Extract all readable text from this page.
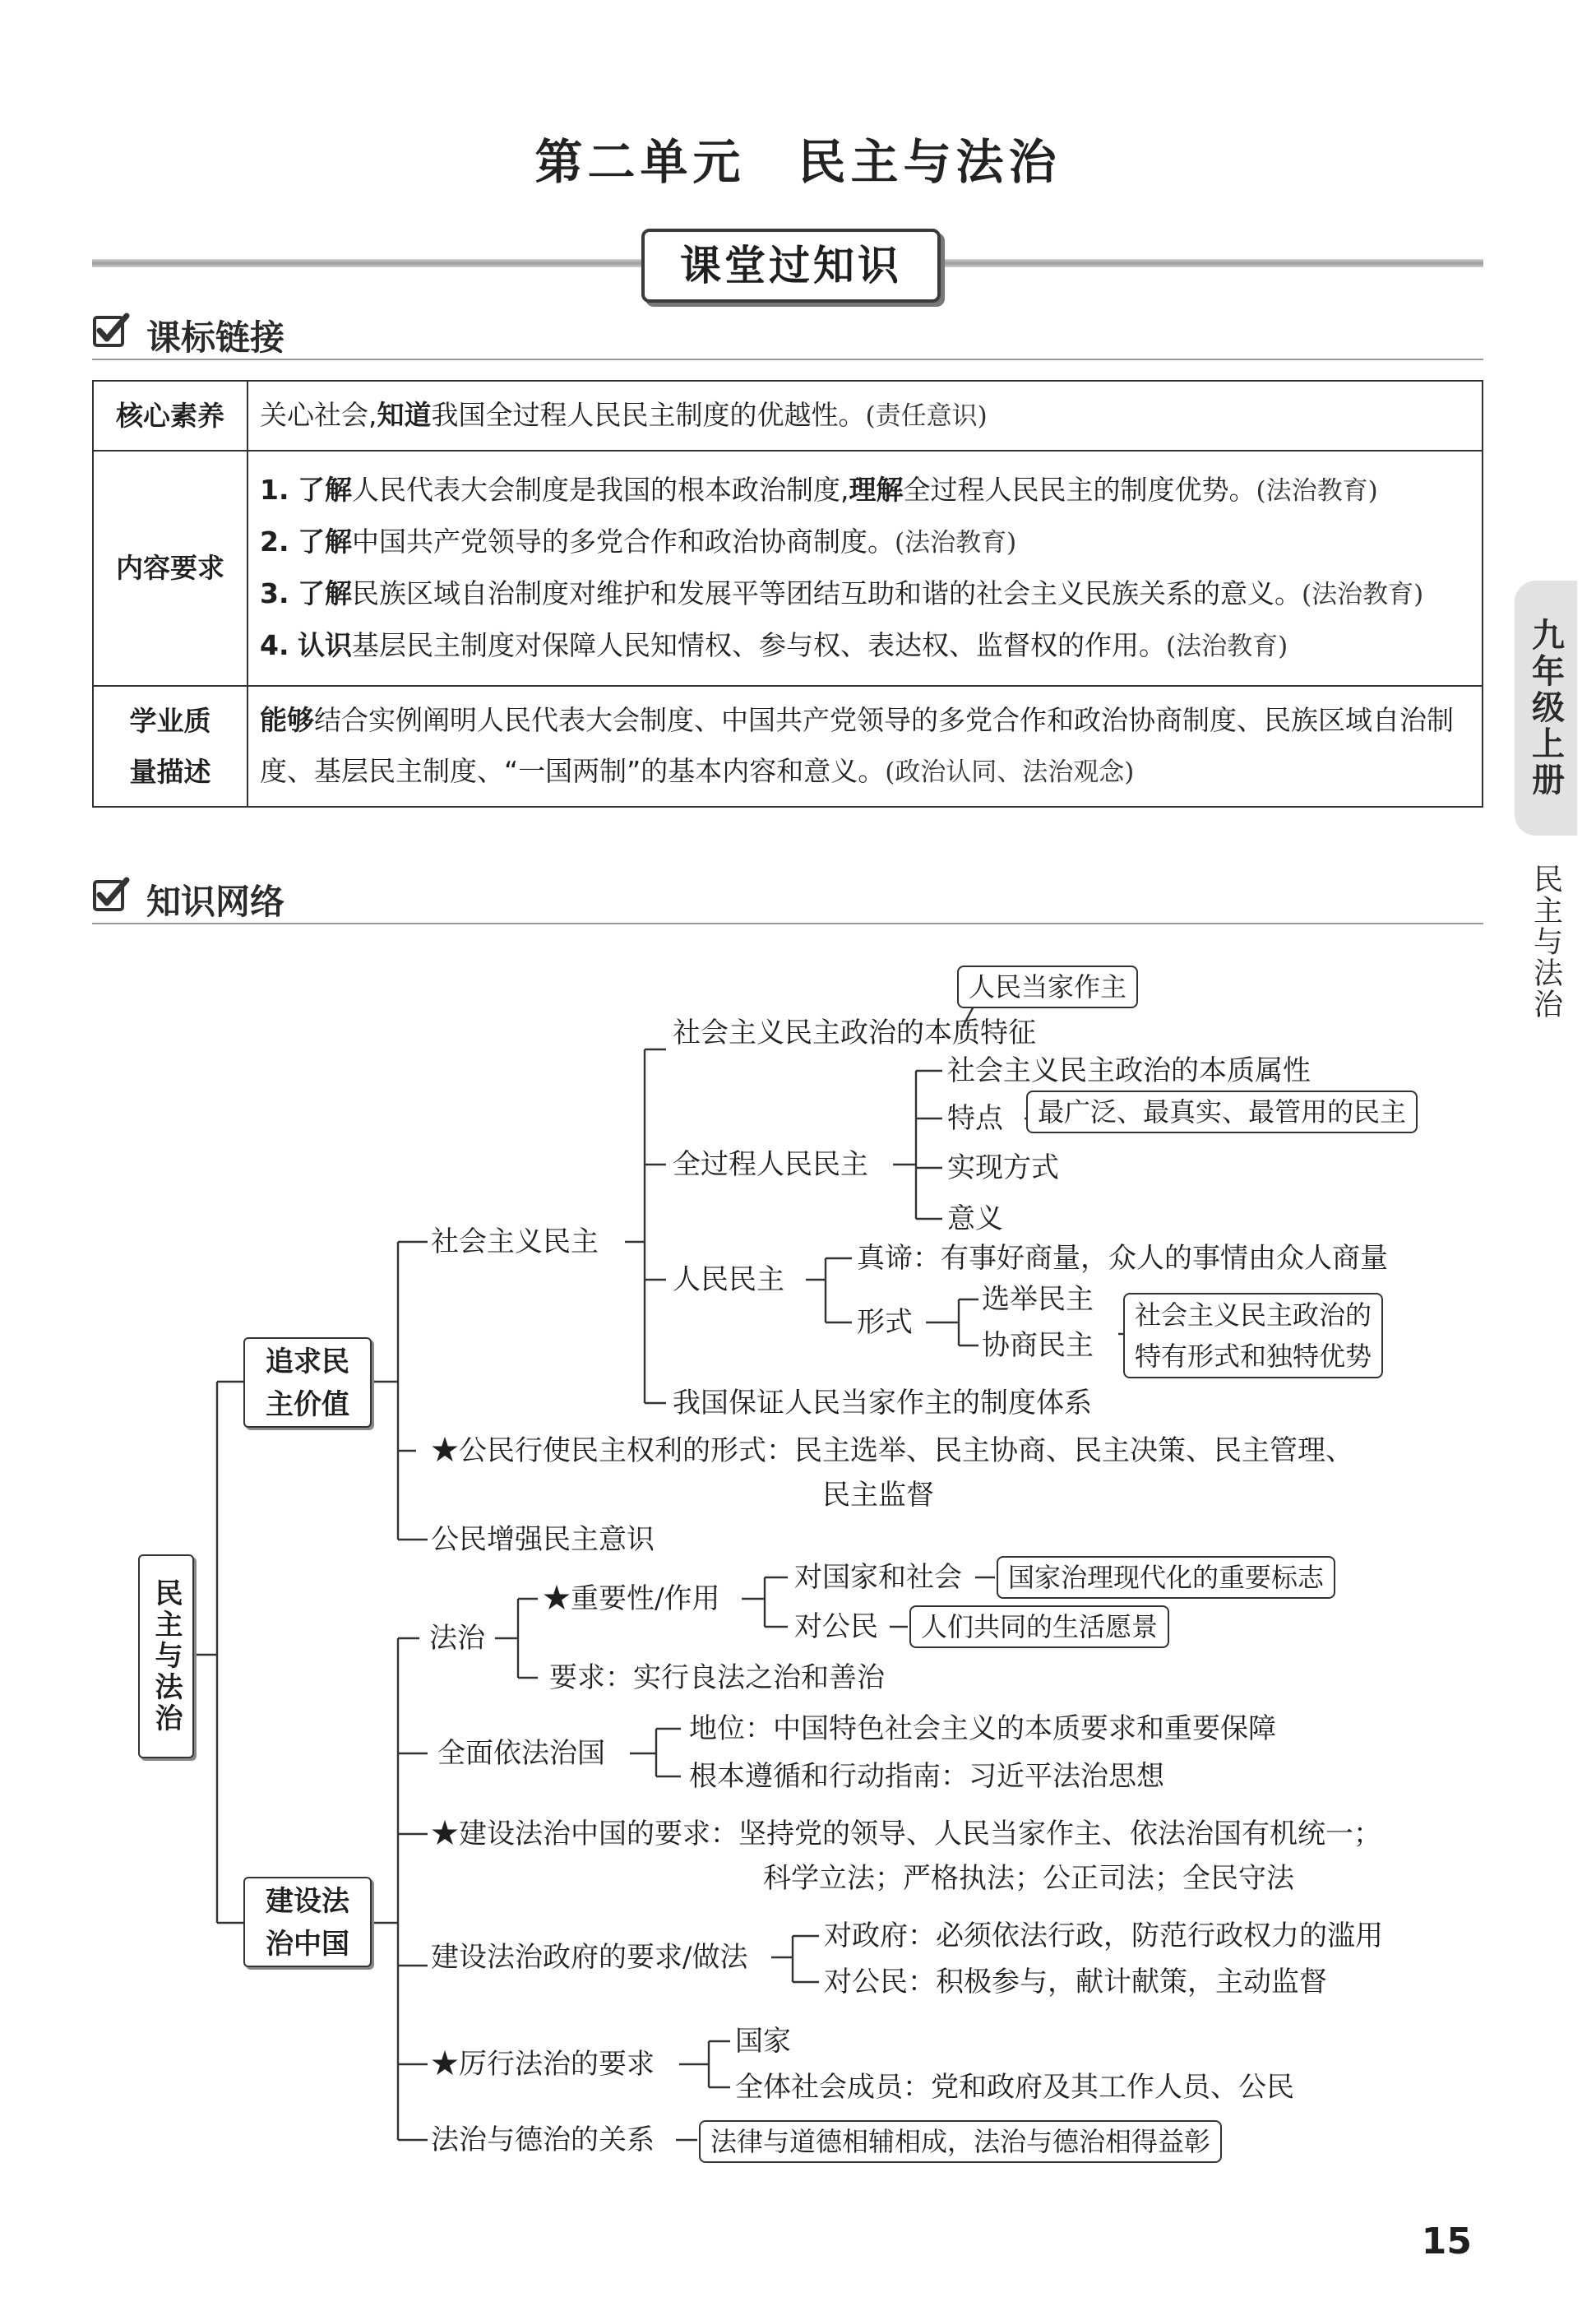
第二单元　民主与法治
课堂过知识
课标链接
核心素养	关心社会,知道我国全过程人民民主制度的优越性。(责任意识)
内容要求	1. 了解人民代表大会制度是我国的根本政治制度,理解全过程人民民主的制度优势。(法治教育)
2. 了解中国共产党领导的多党合作和政治协商制度。(法治教育)
3. 了解民族区域自治制度对维护和发展平等团结互助和谐的社会主义民族关系的意义。(法治教育)
4. 认识基层民主制度对保障人民知情权、参与权、表达权、监督权的作用。(法治教育)

学业质
量描述	能够结合实例阐明人民代表大会制度、中国共产党领导的多党合作和政治协商制度、民族区域自治制度、基层民主制度、“一国两制”的基本内容和意义。(政治认同、法治观念)	九年级上册
民主与法治
知识网络
民主与法治
追求民主价值
建设法治中国
社会主义民主
社会主义民主政治的本质特征
人民当家作主
全过程人民民主
社会主义民主政治的本质属性
特点	最广泛、最真实、最管用的民主
实现方式
意义
人民民主
真谛：有事好商量，众人的事情由众人商量
形式
选举民主
协商民主
社会主义民主政治的
特有形式和独特优势
我国保证人民当家作主的制度体系
★公民行使民主权利的形式：民主选举、民主协商、民主决策、民主管理、
民主监督
公民增强民主意识
法治
★重要性/作用
对国家和社会	国家治理现代化的重要标志
对公民	人们共同的生活愿景
要求：实行良法之治和善治
全面依法治国
地位：中国特色社会主义的本质要求和重要保障
根本遵循和行动指南：习近平法治思想
★建设法治中国的要求：坚持党的领导、人民当家作主、依法治国有机统一；
科学立法；严格执法；公正司法；全民守法
建设法治政府的要求/做法
对政府：必须依法行政，防范行政权力的滥用
对公民：积极参与，献计献策，主动监督
★厉行法治的要求
国家
全体社会成员：党和政府及其工作人员、公民
法治与德治的关系	法律与道德相辅相成，法治与德治相得益彰
15
